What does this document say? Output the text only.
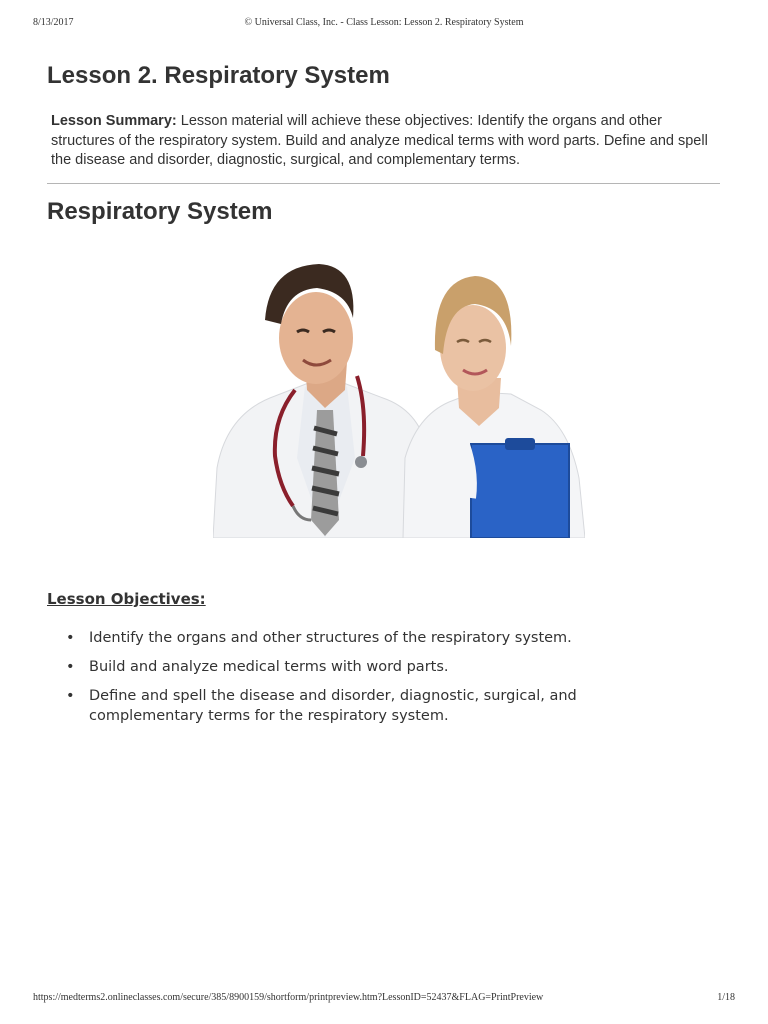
8/13/2017	© Universal Class, Inc. - Class Lesson: Lesson 2. Respiratory System
Lesson 2. Respiratory System

Lesson Summary: Lesson material will achieve these objectives: Identify the organs and other structures of the respiratory system. Build and analyze medical terms with word parts. Define and spell the disease and disorder, diagnostic, surgical, and complementary terms.

Respiratory System
Lesson Objectives:
• Identify the organs and other structures of the respiratory system.
• Build and analyze medical terms with word parts.
• Define and spell the disease and disorder, diagnostic, surgical, and complementary terms for the respiratory system.
https://medterms2.onlineclasses.com/secure/385/8900159/shortform/printpreview.htm?LessonID=52437&FLAG=PrintPreview	1/18
